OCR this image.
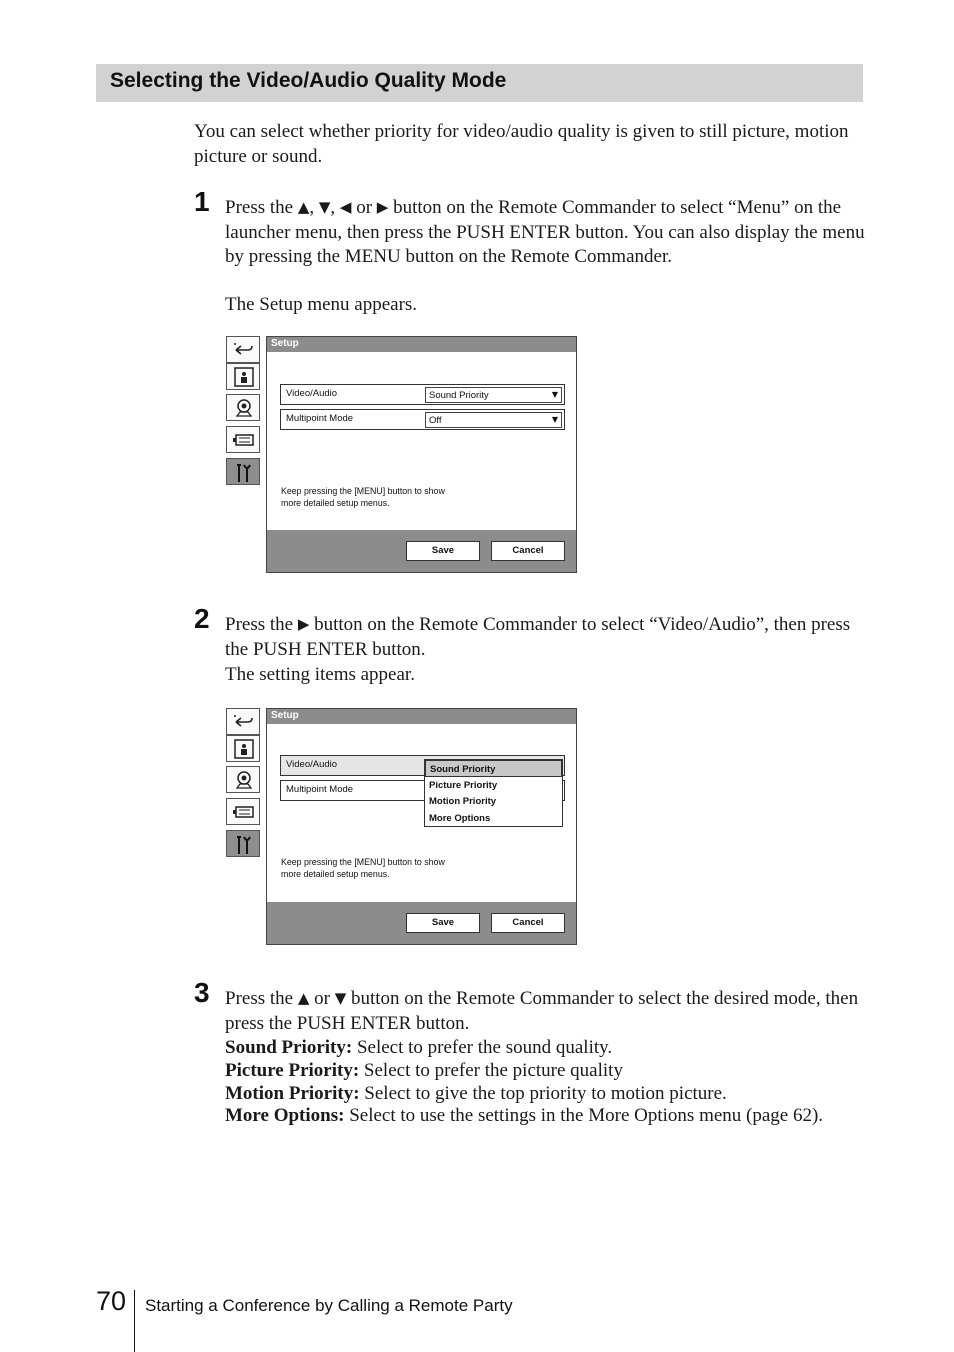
Selecting the Video/Audio Quality Mode
You can select whether priority for video/audio quality is given to still picture, motion picture or sound.
1 Press the ▲, ▼, ◀ or ▶ button on the Remote Commander to select “Menu” on the launcher menu, then press the PUSH ENTER button. You can also display the menu by pressing the MENU button on the Remote Commander.
The Setup menu appears.
Setup
Video/Audio	Sound Priority	▼
Multipoint Mode	Off	▼
Keep pressing the [MENU] button to show
more detailed setup menus.
Save	Cancel
2 Press the ▶ button on the Remote Commander to select “Video/Audio”, then press the PUSH ENTER button.
The setting items appear.
Setup
Video/Audio
Multipoint Mode
Sound Priority
Picture Priority
Motion Priority
More Options
Keep pressing the [MENU] button to show
more detailed setup menus.
Save	Cancel
3 Press the ▲ or ▼ button on the Remote Commander to select the desired mode, then press the PUSH ENTER button.
Sound Priority: Select to prefer the sound quality.
Picture Priority: Select to prefer the picture quality
Motion Priority: Select to give the top priority to motion picture.
More Options: Select to use the settings in the More Options menu (page 62).
70 Starting a Conference by Calling a Remote Party
